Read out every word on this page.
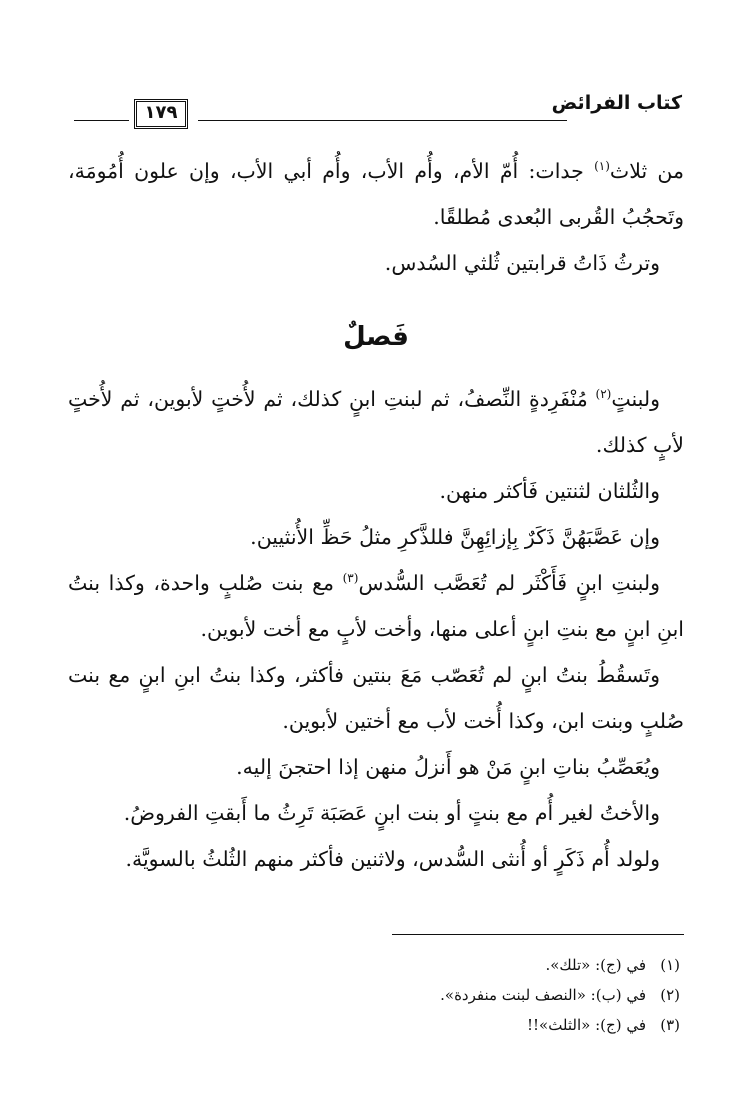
كتاب الفرائض
١٧٩

من ثلاث$^{(١)}$ جدات: أُمّ الأم، وأُم الأب، وأُم أبي الأب، وإن علون أُمُومَة، وتَحجُبُ القُربى البُعدى مُطلقًا.

وترثُ ذَاتُ قرابتين ثُلثي السُدس.

فَصلٌ

ولبنتٍ$^{(٢)}$ مُنْفَرِدةٍ النِّصفُ، ثم لبنتِ ابنٍ كذلك، ثم لأُختٍ لأبوين، ثم لأُختٍ لأبٍ كذلك.

والثُلثان لثنتين فَأكثر منهن.

وإن عَصَّبَهُنَّ ذَكَرٌ بِإزائِهِنَّ فللذَّكرِ مثلُ حَظِّ الأُنثيين.

ولبنتِ ابنٍ فَأَكْثَر لم تُعَصَّب السُّدس$^{(٣)}$ مع بنت صُلبٍ واحدة، وكذا بنتُ ابنِ ابنٍ مع بنتِ ابنٍ أعلى منها، وأخت لأبٍ مع أخت لأبوين.

وتَسقُطُ بنتُ ابنٍ لم تُعَصّب مَعَ بنتين فأكثر، وكذا بنتُ ابنِ ابنٍ مع بنت صُلبٍ وبنت ابن، وكذا أُخت لأب مع أختين لأبوين.

ويُعَصِّبُ بناتِ ابنٍ مَنْ هو أَنزلُ منهن إذا احتجنَ إليه.

والأختُ لغير أُم مع بنتٍ أو بنت ابنٍ عَصَبَة تَرِثُ ما أَبقتِ الفروضُ.

ولولد أُم ذَكَرٍ أو أُنثى السُّدس، ولاثنين فأكثر منهم الثُلثُ بالسويَّة.

(١)في (ج): «تلك».

(٢)في (ب): «النصف لبنت منفردة».

(٣)في (ج): «الثلث»!!
